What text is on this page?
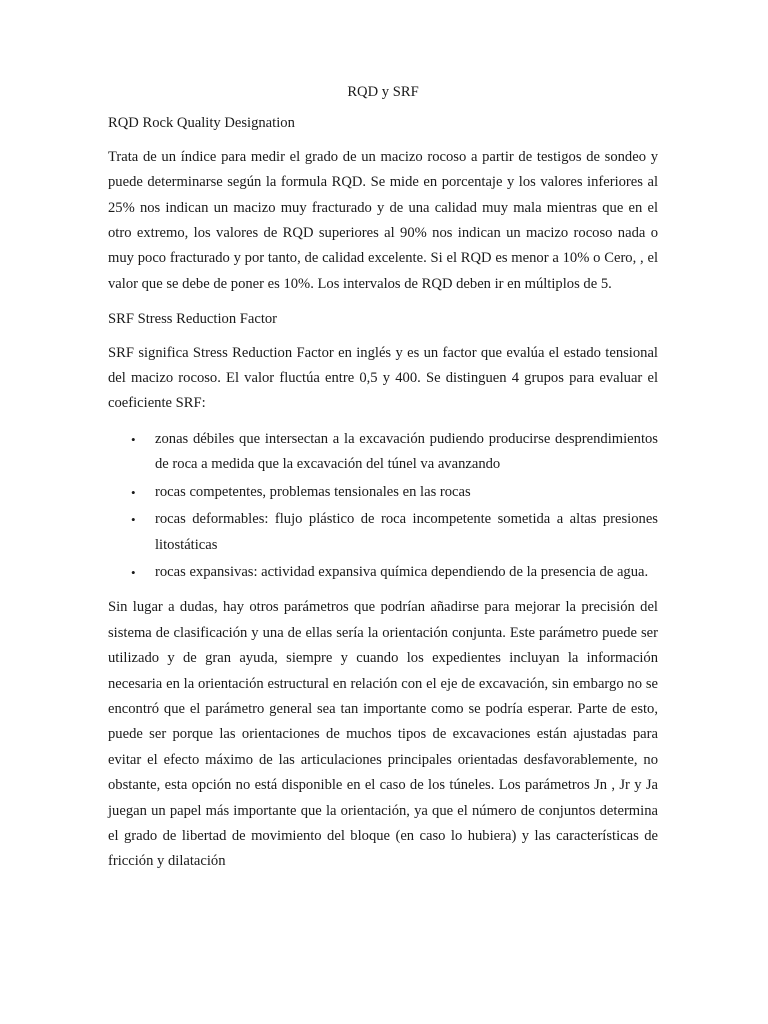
RQD y SRF
RQD Rock Quality Designation

Trata de un índice para medir el grado de un macizo rocoso a partir de testigos de sondeo y puede determinarse según la formula RQD. Se mide en porcentaje y los valores inferiores al 25% nos indican un macizo muy fracturado y de una calidad muy mala mientras que en el otro extremo, los valores de RQD superiores al 90% nos indican un macizo rocoso nada o muy poco fracturado y por tanto, de calidad excelente. Si el RQD es menor a 10% o Cero, , el valor que se debe de poner es 10%. Los intervalos de RQD deben ir en múltiplos de 5.

SRF Stress Reduction Factor

SRF significa Stress Reduction Factor en inglés y es un factor que evalúa el estado tensional del macizo rocoso. El valor fluctúa entre 0,5 y 400. Se distinguen 4 grupos para evaluar el coeficiente SRF:

• zonas débiles que intersectan a la excavación pudiendo producirse desprendimientos de roca a medida que la excavación del túnel va avanzando
• rocas competentes, problemas tensionales en las rocas
• rocas deformables: flujo plástico de roca incompetente sometida a altas presiones litostáticas
• rocas expansivas: actividad expansiva química dependiendo de la presencia de agua.

Sin lugar a dudas, hay otros parámetros que podrían añadirse para mejorar la precisión del sistema de clasificación y una de ellas sería la orientación conjunta. Este parámetro puede ser utilizado y de gran ayuda, siempre y cuando los expedientes incluyan la información necesaria en la orientación estructural en relación con el eje de excavación, sin embargo no se encontró que el parámetro general sea tan importante como se podría esperar. Parte de esto, puede ser porque las orientaciones de muchos tipos de excavaciones están ajustadas para evitar el efecto máximo de las articulaciones principales orientadas desfavorablemente, no obstante, esta opción no está disponible en el caso de los túneles. Los parámetros Jn , Jr y Ja juegan un papel más importante que la orientación, ya que el número de conjuntos determina el grado de libertad de movimiento del bloque (en caso lo hubiera) y las características de fricción y dilatación
